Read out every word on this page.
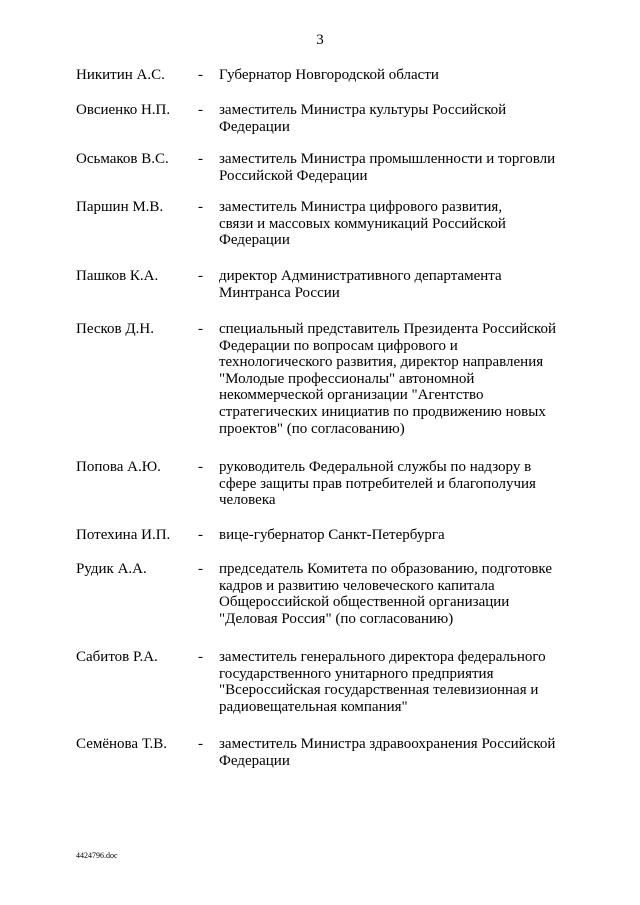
3
Никитин А.С. - Губернатор Новгородской области
Овсиенко Н.П. - заместитель Министра культуры Российской
Федерации
Осьмаков В.С. - заместитель Министра промышленности и торговли
Российской Федерации
Паршин М.В. - заместитель Министра цифрового развития,
связи и массовых коммуникаций Российской
Федерации
Пашков К.А.	- директор Административного департамента
Минтранса России
Песков Д.Н.	- специальный представитель Президента Российской
Федерации по вопросам цифрового и
технологического развития, директор направления
"Молодые профессионалы" автономной
некоммерческой организации "Агентство
стратегических инициатив по продвижению новых
проектов" (по согласованию)
Попова А.Ю. - руководитель Федеральной службы по надзору в
сфере защиты прав потребителей и благополучия
человека
Потехина И.П. - вице-губернатор Санкт-Петербурга
Рудик А.А.	- председатель Комитета по образованию, подготовке
кадров и развитию человеческого капитала
Общероссийской общественной организации
"Деловая Россия" (по согласованию)
Сабитов Р.А.	- заместитель генерального директора федерального
государственного унитарного предприятия
"Всероссийская государственная телевизионная и
радиовещательная компания"
Семёнова Т.В. - заместитель Министра здравоохранения Российской
Федерации
4424796.doc
